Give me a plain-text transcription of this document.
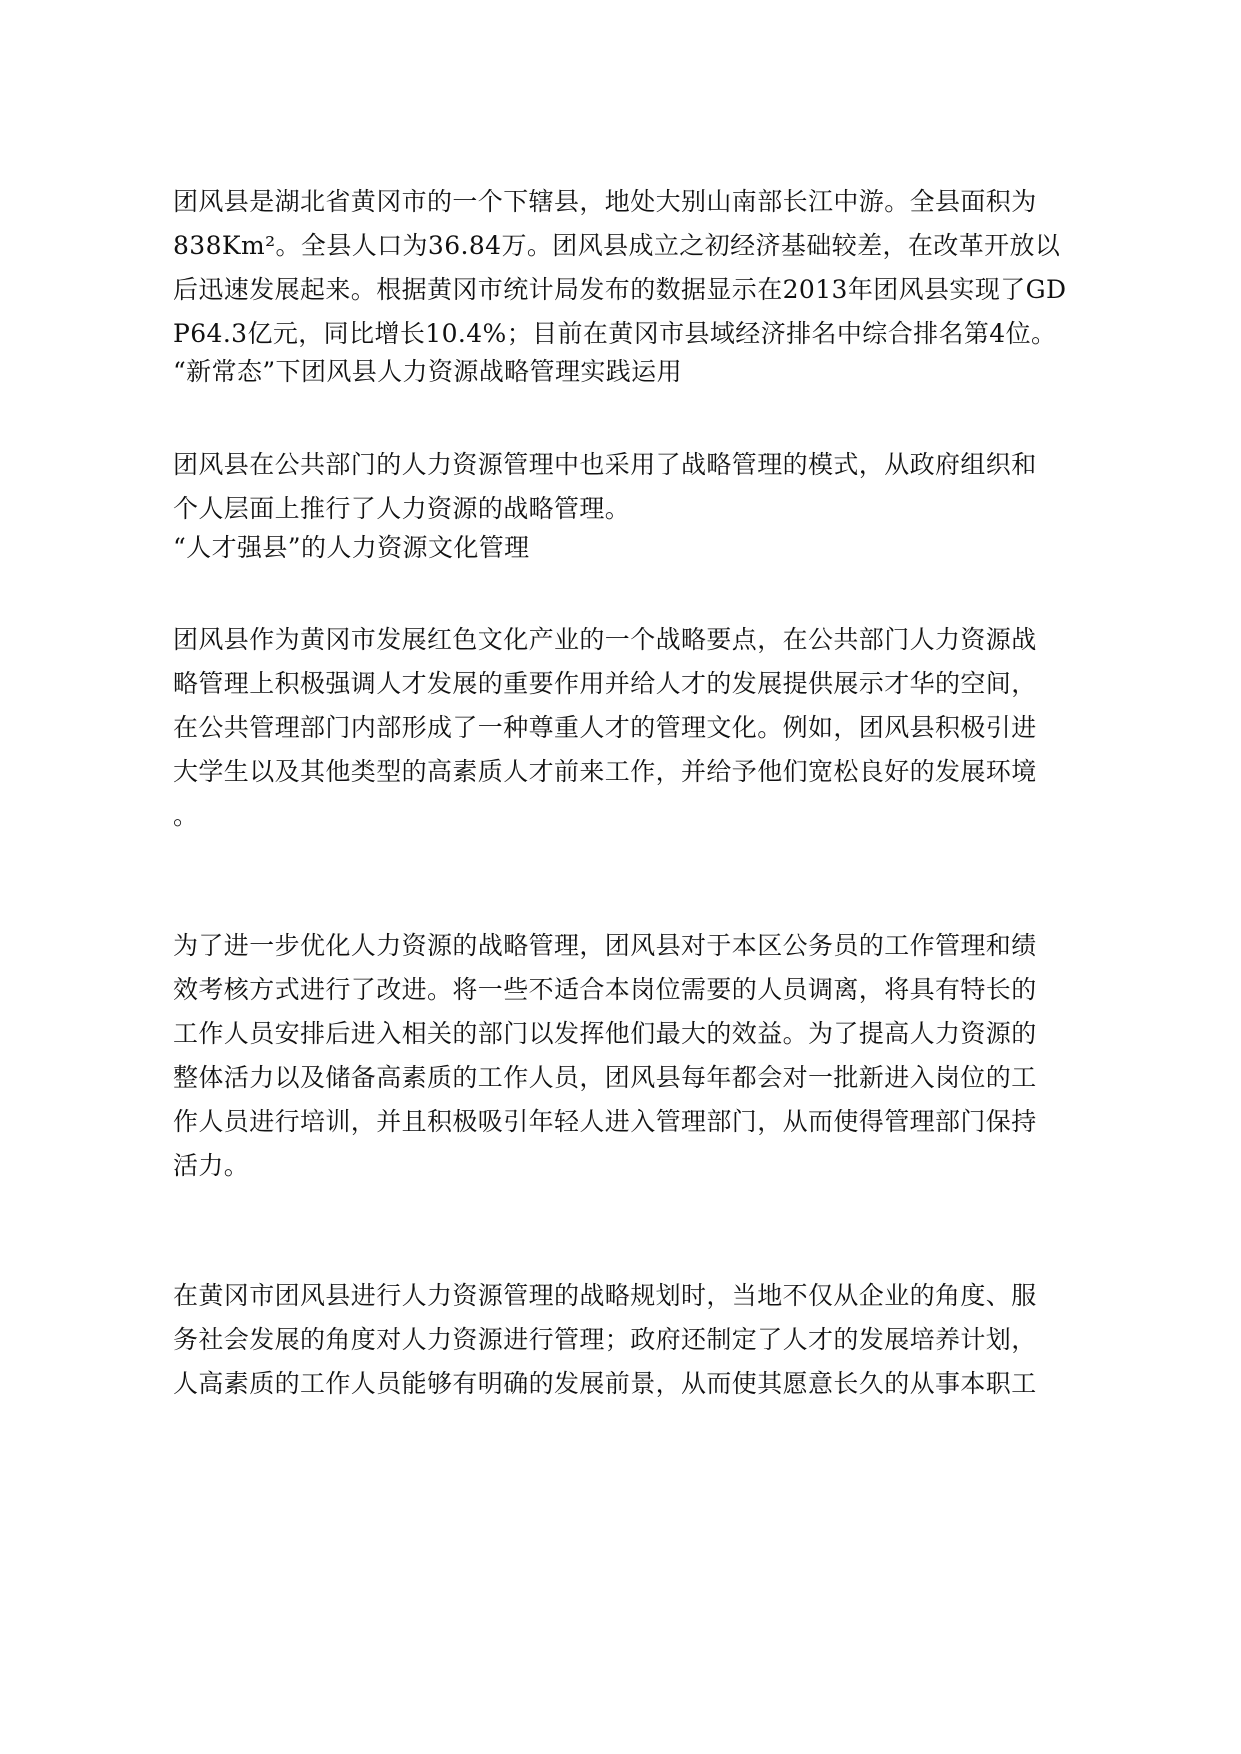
团风县是湖北省黄冈市的一个下辖县，地处大别山南部长江中游。全县面积为
838Km²。全县人口为36.84万。团风县成立之初经济基础较差，在改革开放以
后迅速发展起来。根据黄冈市统计局发布的数据显示在2013年团风县实现了GD
P64.3亿元，同比增长10.4%；目前在黄冈市县域经济排名中综合排名第4位。
“新常态”下团风县人力资源战略管理实践运用
团风县在公共部门的人力资源管理中也采用了战略管理的模式，从政府组织和
个人层面上推行了人力资源的战略管理。
“人才强县”的人力资源文化管理
团风县作为黄冈市发展红色文化产业的一个战略要点，在公共部门人力资源战
略管理上积极强调人才发展的重要作用并给人才的发展提供展示才华的空间，
在公共管理部门内部形成了一种尊重人才的管理文化。例如，团风县积极引进
大学生以及其他类型的高素质人才前来工作，并给予他们宽松良好的发展环境
。
为了进一步优化人力资源的战略管理，团风县对于本区公务员的工作管理和绩
效考核方式进行了改进。将一些不适合本岗位需要的人员调离，将具有特长的
工作人员安排后进入相关的部门以发挥他们最大的效益。为了提高人力资源的
整体活力以及储备高素质的工作人员，团风县每年都会对一批新进入岗位的工
作人员进行培训，并且积极吸引年轻人进入管理部门，从而使得管理部门保持
活力。
在黄冈市团风县进行人力资源管理的战略规划时，当地不仅从企业的角度、服
务社会发展的角度对人力资源进行管理；政府还制定了人才的发展培养计划，
人高素质的工作人员能够有明确的发展前景，从而使其愿意长久的从事本职工
